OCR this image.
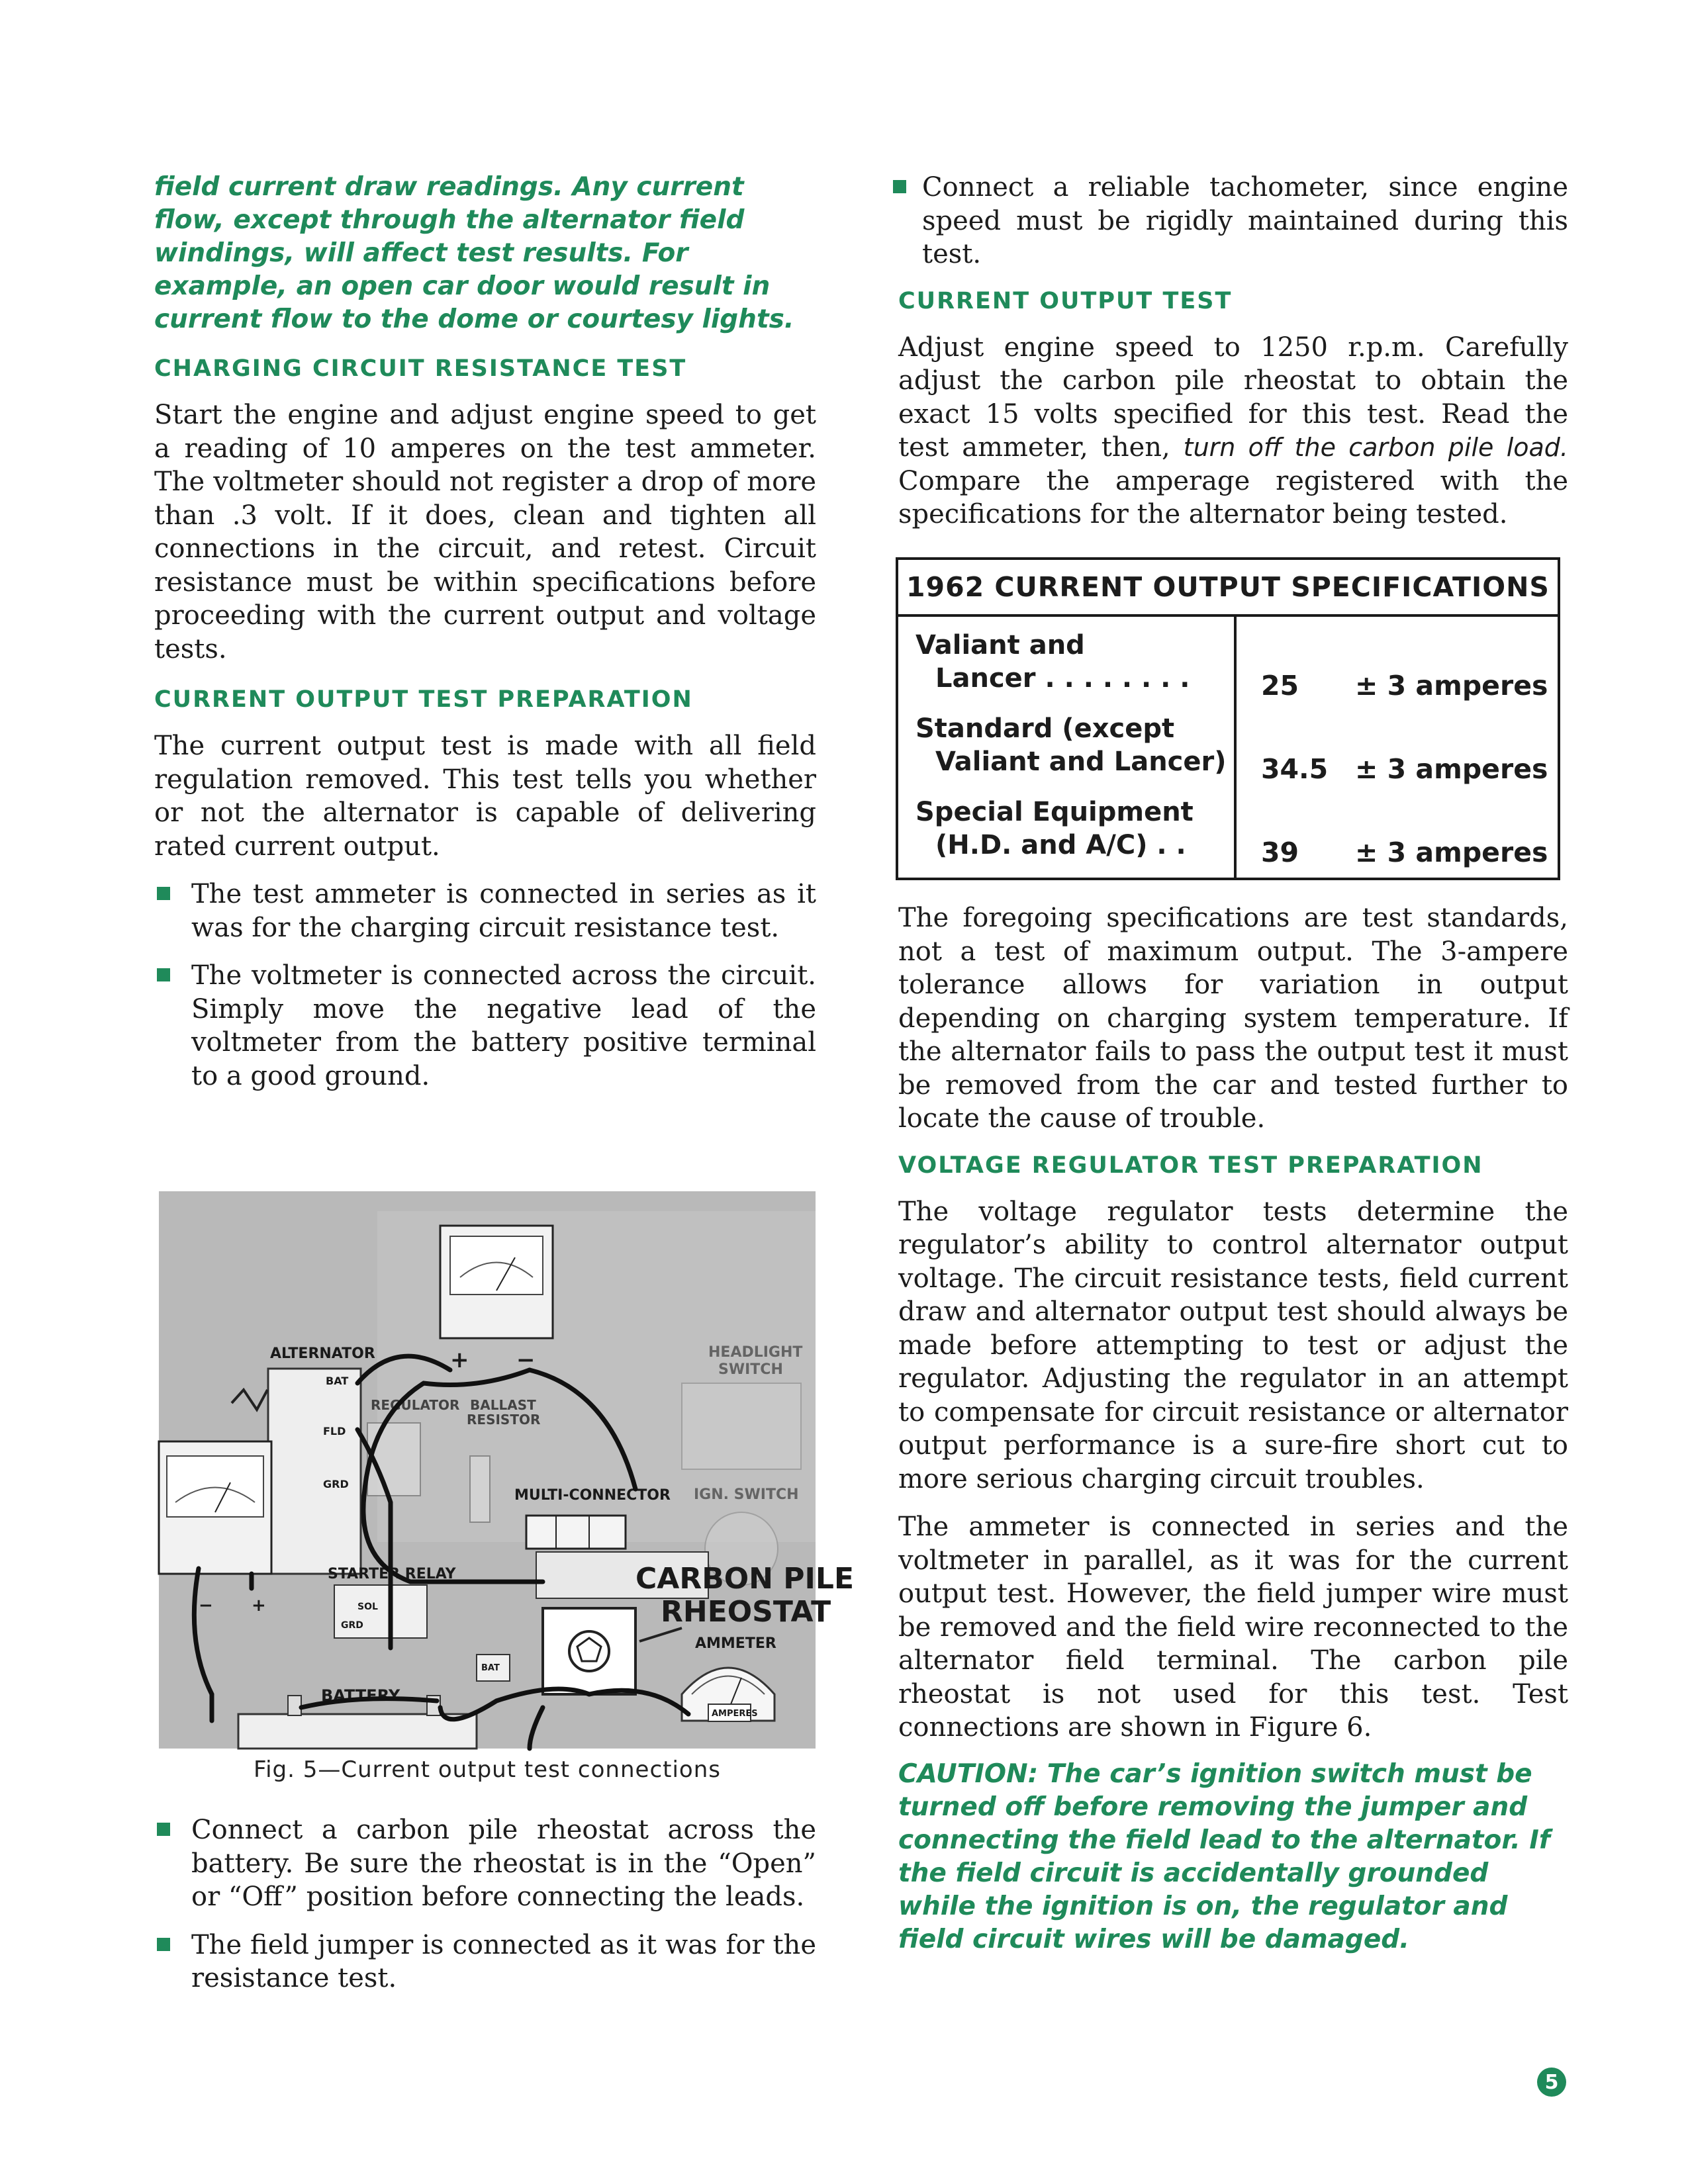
field current draw readings. Any current flow, except through the alternator field windings, will affect test results. For example, an open car door would result in current flow to the dome or courtesy lights.

CHARGING CIRCUIT RESISTANCE TEST

Start the engine and adjust engine speed to get a reading of 10 amperes on the test ammeter. The voltmeter should not register a drop of more than .3 volt. If it does, clean and tighten all connections in the circuit, and retest. Circuit resistance must be within specifications before proceeding with the current output and voltage tests.

CURRENT OUTPUT TEST PREPARATION

The current output test is made with all field regulation removed. This test tells you whether or not the alternator is capable of delivering rated current output.

The test ammeter is connected in series as it was for the charging circuit resistance test.

The voltmeter is connected across the circuit. Simply move the negative lead of the voltmeter from the battery positive terminal to a good ground.

+ −
ALTERNATOR
BAT
FLD
GRD
REGULATOR BALLAST
RESISTOR
HEADLIGHT
SWITCH
IGN. SWITCH
MULTI-CONNECTOR
− +
STARTER RELAY
SOL
GRD
BATTERY
BAT
CARBON PILE
RHEOSTAT
AMMETER
AMPERES
Fig. 5—Current output test connections

Connect a carbon pile rheostat across the battery. Be sure the rheostat is in the “Open” or “Off” position before connecting the leads.

The field jumper is connected as it was for the resistance test.

Connect a reliable tachometer, since engine speed must be rigidly maintained during this test.

CURRENT OUTPUT TEST

Adjust engine speed to 1250 r.p.m. Carefully adjust the carbon pile rheostat to obtain the exact 15 volts specified for this test. Read the test ammeter, then, turn off the carbon pile load. Compare the amperage registered with the specifications for the alternator being tested.

1962 CURRENT OUTPUT SPECIFICATIONS
Valiant and
Lancer . . . . . . . .	25 ± 3 amperes
Standard (except
Valiant and Lancer) 34.5 ± 3 amperes
Special Equipment
(H.D. and A/C) . .	39 ± 3 amperes

The foregoing specifications are test standards, not a test of maximum output. The 3-ampere tolerance allows for variation in output depending on charging system temperature. If the alternator fails to pass the output test it must be removed from the car and tested further to locate the cause of trouble.

VOLTAGE REGULATOR TEST PREPARATION

The voltage regulator tests determine the regulator’s ability to control alternator output voltage. The circuit resistance tests, field current draw and alternator output test should always be made before attempting to test or adjust the regulator. Adjusting the regulator in an attempt to compensate for circuit resistance or alternator output performance is a sure-fire short cut to more serious charging circuit troubles.

The ammeter is connected in series and the voltmeter in parallel, as it was for the current output test. However, the field jumper wire must be removed and the field wire reconnected to the alternator field terminal. The carbon pile rheostat is not used for this test. Test connections are shown in Figure 6.

CAUTION: The car’s ignition switch must be turned off before removing the jumper and connecting the field lead to the alternator. If the field circuit is accidentally grounded while the ignition is on, the regulator and field circuit wires will be damaged.

5
